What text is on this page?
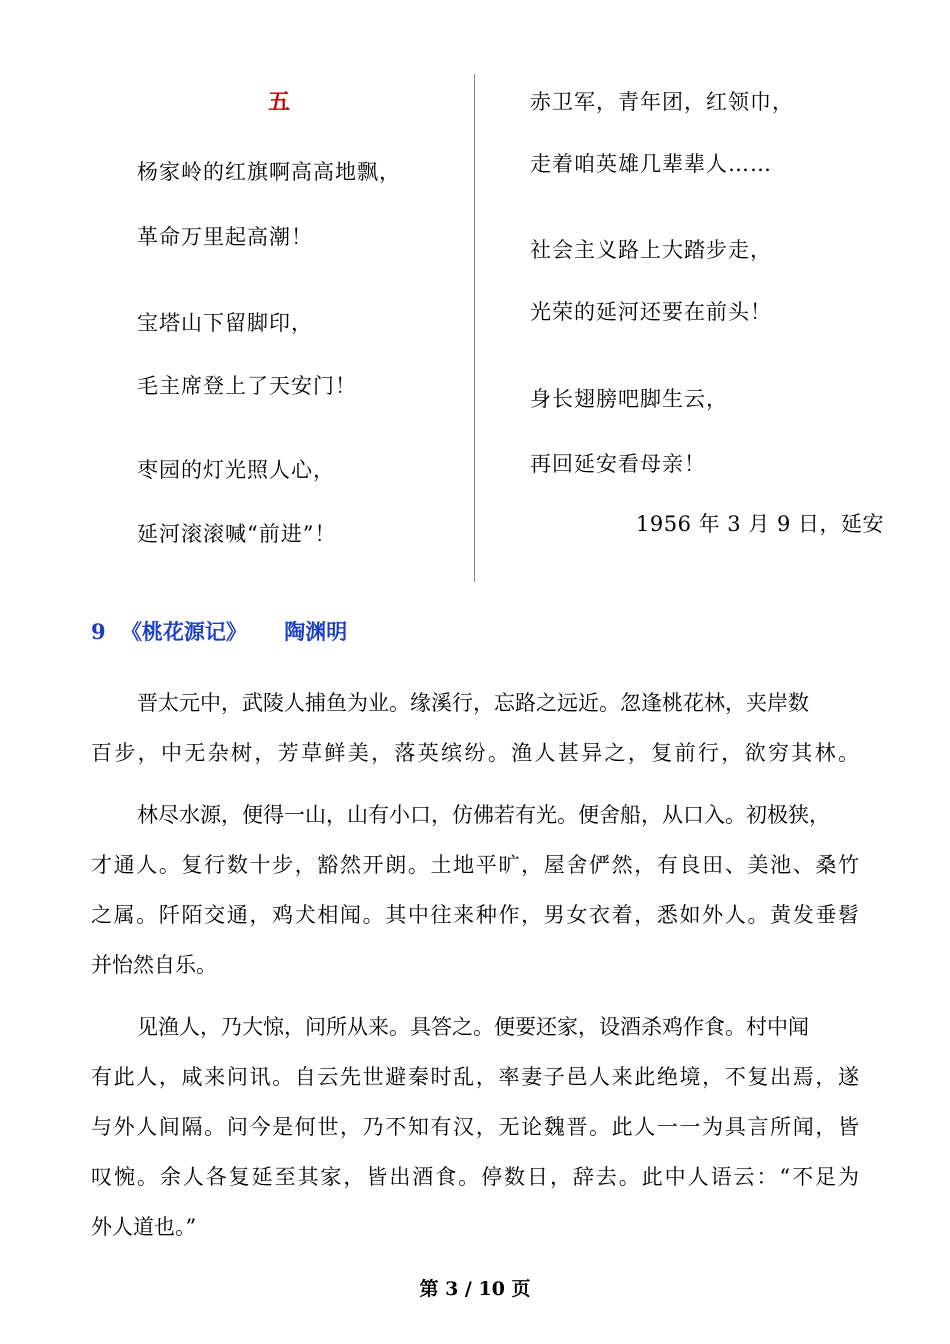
五
杨家岭的红旗啊高高地飘，
革命万里起高潮！
宝塔山下留脚印，
毛主席登上了天安门！
枣园的灯光照人心，
延河滚滚喊“前进”！
赤卫军，青年团，红领巾，
走着咱英雄几辈辈人……
社会主义路上大踏步走，
光荣的延河还要在前头！
身长翅膀吧脚生云，
再回延安看母亲！
1956 年 3 月 9 日，延安
9 《桃花源记》 陶渊明
晋太元中，武陵人捕鱼为业。缘溪行，忘路之远近。忽逢桃花林，夹岸数
百步，中无杂树，芳草鲜美，落英缤纷。渔人甚异之，复前行，欲穷其林。
林尽水源，便得一山，山有小口，仿佛若有光。便舍船，从口入。初极狭，
才通人。复行数十步，豁然开朗。土地平旷，屋舍俨然，有良田、美池、桑竹
之属。阡陌交通，鸡犬相闻。其中往来种作，男女衣着，悉如外人。黄发垂髫
并怡然自乐。
见渔人，乃大惊，问所从来。具答之。便要还家，设酒杀鸡作食。村中闻
有此人，咸来问讯。自云先世避秦时乱，率妻子邑人来此绝境，不复出焉，遂
与外人间隔。问今是何世，乃不知有汉，无论魏晋。此人一一为具言所闻，皆
叹惋。余人各复延至其家，皆出酒食。停数日，辞去。此中人语云：“不足为
外人道也。”
第 3 / 10 页
